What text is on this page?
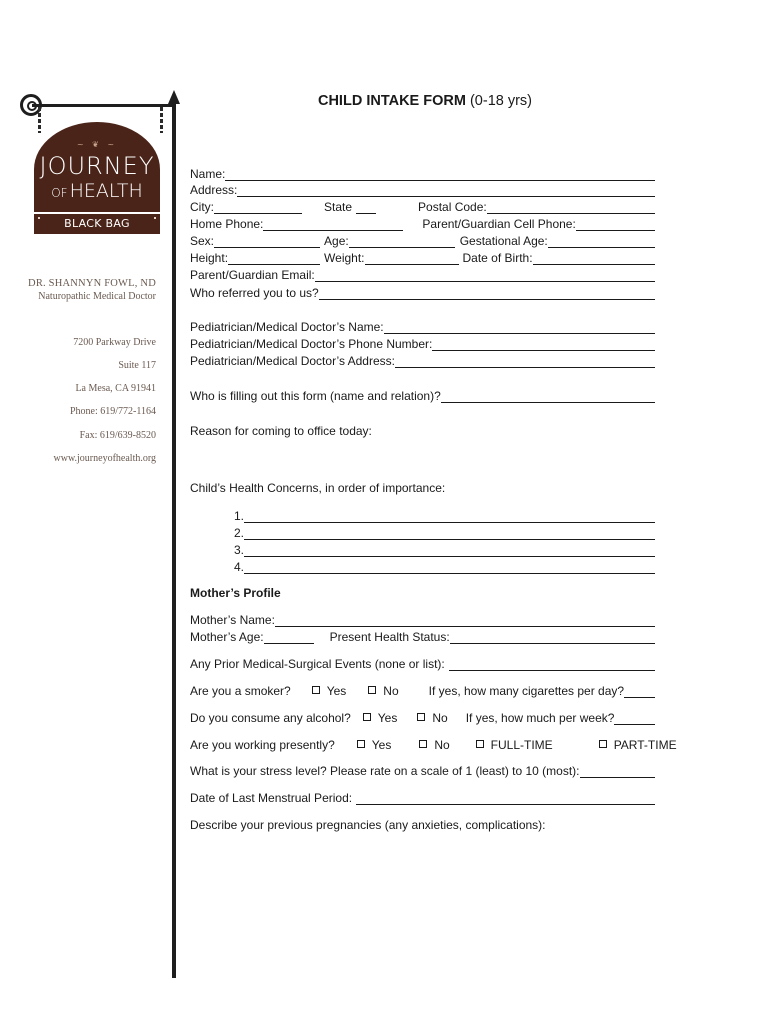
~ ❦ ~
JOURNEY
OF HEALTH
BLACK BAG MEDICINE
DR. SHANNYN FOWL, ND
Naturopathic Medical Doctor
7200 Parkway Drive
Suite 117
La Mesa, CA 91941
Phone: 619/772-1164
Fax: 619/639-8520
www.journeyofhealth.org
CHILD INTAKE FORM (0-18 yrs)
Name:
Address:
City:	State	Postal Code:
Home Phone:	Parent/Guardian Cell Phone:
Sex:	Age:	Gestational Age:
Height:	Weight:	Date of Birth:
Parent/Guardian Email:
Who referred you to us?
Pediatrician/Medical Doctor’s Name:
Pediatrician/Medical Doctor’s Phone Number:
Pediatrician/Medical Doctor’s Address:
Who is filling out this form (name and relation)?
Reason for coming to office today:
Child’s Health Concerns, in order of importance:
1.
2.
3.
4.
Mother’s Profile
Mother’s Name:
Mother’s Age:	Present Health Status:
Any Prior Medical-Surgical Events (none or list):
Are you a smoker?	Yes	No	If yes, how many cigarettes per day?
Do you consume any alcohol?	Yes	No If yes, how much per week?
Are you working presently?	Yes	No	FULL-TIME	PART-TIME
What is your stress level? Please rate on a scale of 1 (least) to 10 (most):
Date of Last Menstrual Period:
Describe your previous pregnancies (any anxieties, complications):
